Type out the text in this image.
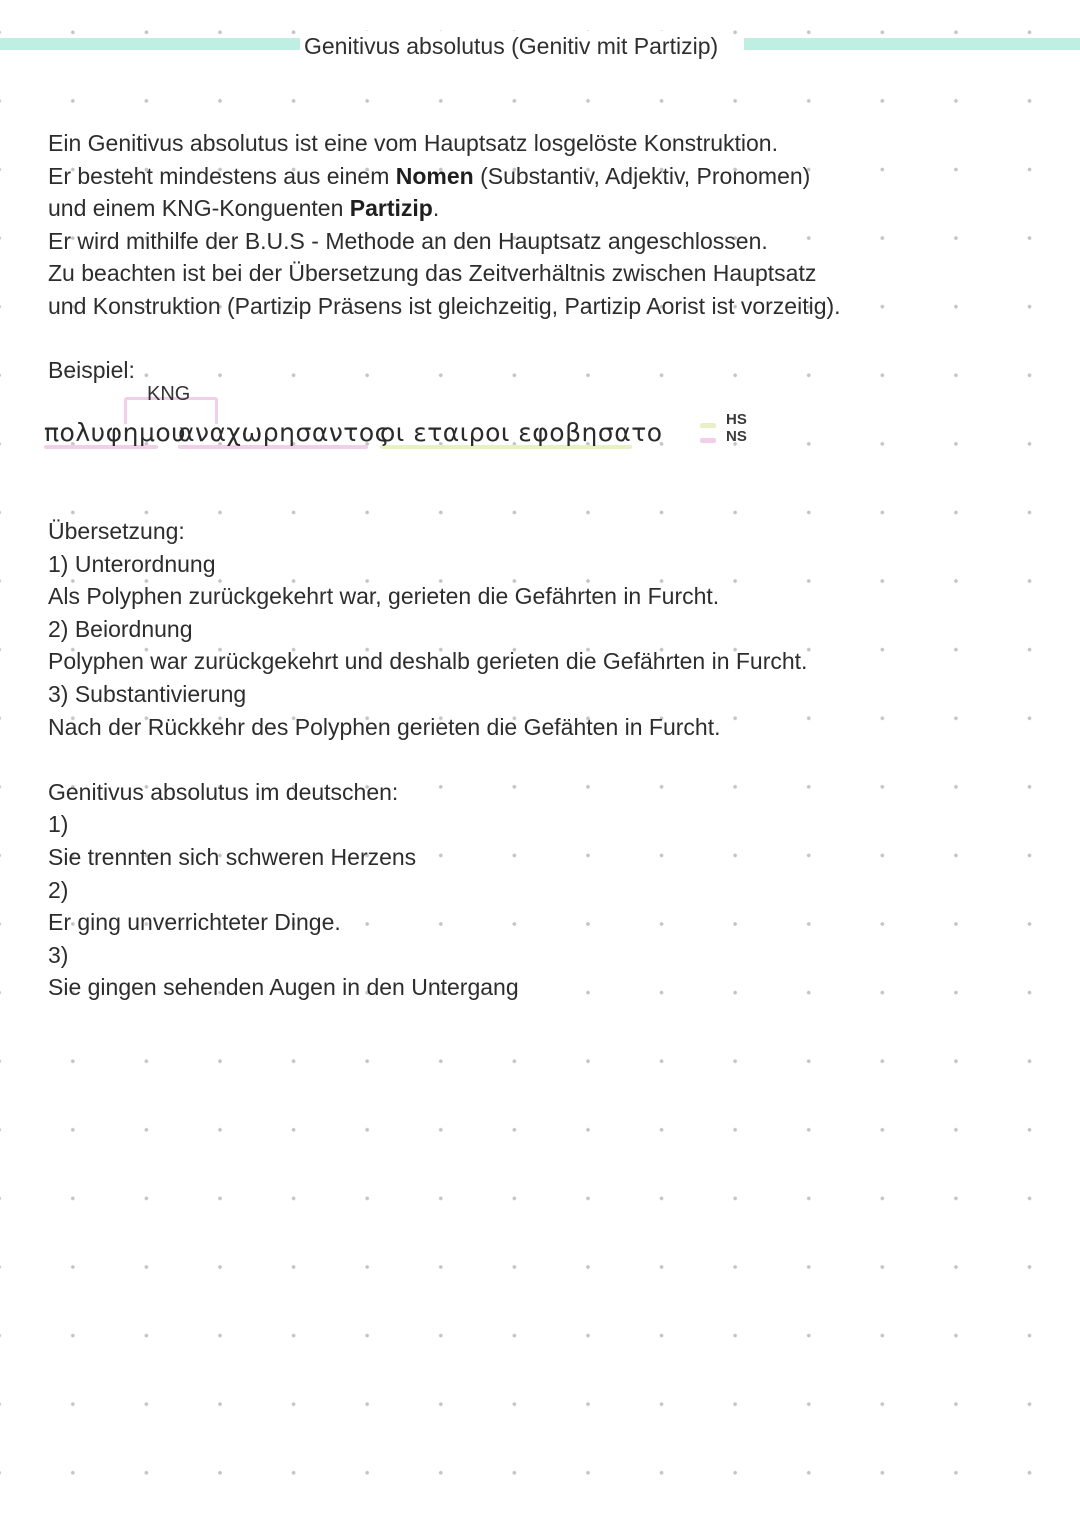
Genitivus absolutus (Genitiv mit Partizip)
Ein Genitivus absolutus ist eine vom Hauptsatz losgelöste Konstruktion.
Er besteht mindestens aus einem Nomen (Substantiv, Adjektiv, Pronomen)
und einem KNG-Konguenten Partizip.
Er wird mithilfe der B.U.S - Methode an den Hauptsatz angeschlossen.
Zu beachten ist bei der Übersetzung das Zeitverhältnis zwischen Hauptsatz
und Konstruktion (Partizip Präsens ist gleichzeitig, Partizip Aorist ist vorzeitig).
Beispiel:
KNG
πολυφημου
αναχωρησαντος
οι εταιροι εφοβησατο	HS
NS
Übersetzung:
1) Unterordnung
Als Polyphen zurückgekehrt war, gerieten die Gefährten in Furcht.
2) Beiordnung
Polyphen war zurückgekehrt und deshalb gerieten die Gefährten in Furcht.
3) Substantivierung
Nach der Rückkehr des Polyphen gerieten die Gefähten in Furcht.
Genitivus absolutus im deutschen:
1)
Sie trennten sich schweren Herzens
2)
Er ging unverrichteter Dinge.
3)
Sie gingen sehenden Augen in den Untergang
